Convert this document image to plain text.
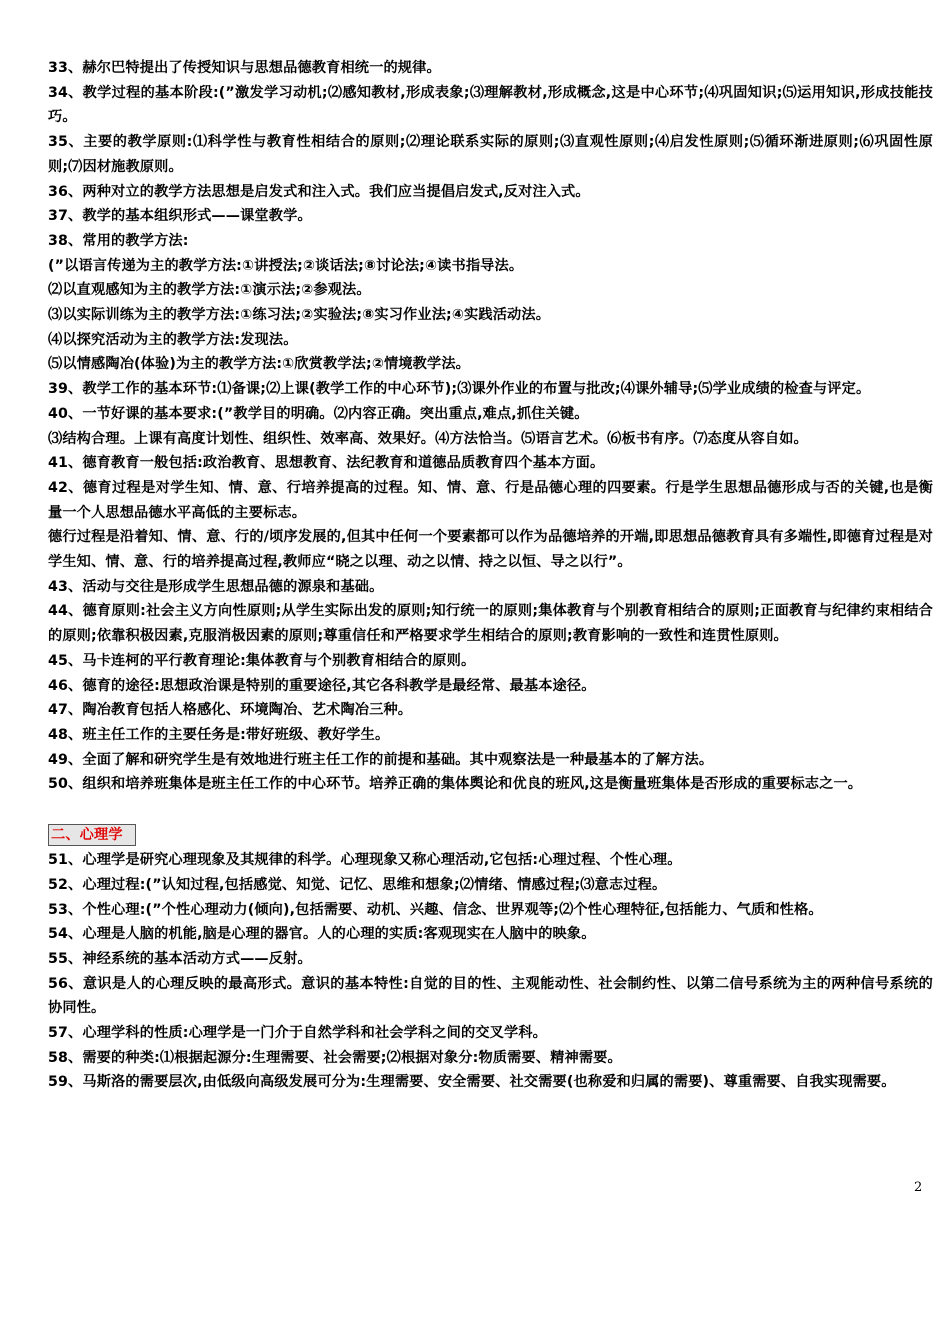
33、赫尔巴特提出了传授知识与思想品德教育相统一的规律。

34、教学过程的基本阶段:(”激发学习动机;⑵感知教材,形成表象;⑶理解教材,形成概念,这是中心环节;⑷巩固知识;⑸运用知识,形成技能技巧。

35、主要的教学原则:⑴科学性与教育性相结合的原则;⑵理论联系实际的原则;⑶直观性原则;⑷启发性原则;⑸循环渐进原则;⑹巩固性原则;⑺因材施教原则。

36、两种对立的教学方法思想是启发式和注入式。我们应当提倡启发式,反对注入式。

37、教学的基本组织形式——课堂教学。

38、常用的教学方法:

(”以语言传递为主的教学方法:①讲授法;②谈话法;⑧讨论法;④读书指导法。

⑵以直观感知为主的教学方法:①演示法;②参观法。

⑶以实际训练为主的教学方法:①练习法;②实验法;⑧实习作业法;④实践活动法。

⑷以探究活动为主的教学方法:发现法。

⑸以情感陶冶(体验)为主的教学方法:①欣赏教学法;②情境教学法。

39、教学工作的基本环节:⑴备课;⑵上课(教学工作的中心环节);⑶课外作业的布置与批改;⑷课外辅导;⑸学业成绩的检查与评定。

40、一节好课的基本要求:(”教学目的明确。⑵内容正确。突出重点,难点,抓住关键。

⑶结构合理。上课有高度计划性、组织性、效率高、效果好。⑷方法恰当。⑸语言艺术。⑹板书有序。⑺态度从容自如。

41、德育教育一般包括:政治教育、思想教育、法纪教育和道德品质教育四个基本方面。

42、德育过程是对学生知、情、意、行培养提高的过程。知、情、意、行是品德心理的四要素。行是学生思想品德形成与否的关键,也是衡量一个人思想品德水平高低的主要标志。

德行过程是沿着知、情、意、行的/顷序发展的,但其中任何一个要素都可以作为品德培养的开端,即思想品德教育具有多端性,即德育过程是对学生知、情、意、行的培养提高过程,教师应“晓之以理、动之以情、持之以恒、导之以行”。

43、活动与交往是形成学生思想品德的源泉和基础。

44、德育原则:社会主义方向性原则;从学生实际出发的原则;知行统一的原则;集体教育与个别教育相结合的原则;正面教育与纪律约束相结合的原则;依靠积极因素,克服消极因素的原则;尊重信任和严格要求学生相结合的原则;教育影响的一致性和连贯性原则。

45、马卡连柯的平行教育理论:集体教育与个别教育相结合的原则。

46、德育的途径:思想政治课是特别的重要途径,其它各科教学是最经常、最基本途径。

47、陶冶教育包括人格感化、环境陶冶、艺术陶冶三种。

48、班主任工作的主要任务是:带好班级、教好学生。

49、全面了解和研究学生是有效地进行班主任工作的前提和基础。其中观察法是一种最基本的了解方法。

50、组织和培养班集体是班主任工作的中心环节。培养正确的集体舆论和优良的班风,这是衡量班集体是否形成的重要标志之一。

二、心理学

51、心理学是研究心理现象及其规律的科学。心理现象又称心理活动,它包括:心理过程、个性心理。

52、心理过程:(”认知过程,包括感觉、知觉、记忆、思维和想象;⑵情绪、情感过程;⑶意志过程。

53、个性心理:(”个性心理动力(倾向),包括需要、动机、兴趣、信念、世界观等;⑵个性心理特征,包括能力、气质和性格。

54、心理是人脑的机能,脑是心理的器官。人的心理的实质:客观现实在人脑中的映象。

55、神经系统的基本活动方式——反射。

56、意识是人的心理反映的最高形式。意识的基本特性:自觉的目的性、主观能动性、社会制约性、以第二信号系统为主的两种信号系统的协同性。

57、心理学科的性质:心理学是一门介于自然学科和社会学科之间的交叉学科。

58、需要的种类:⑴根据起源分:生理需要、社会需要;⑵根据对象分:物质需要、精神需要。

59、马斯洛的需要层次,由低级向高级发展可分为:生理需要、安全需要、社交需要(也称爱和归属的需要)、尊重需要、自我实现需要。

2
